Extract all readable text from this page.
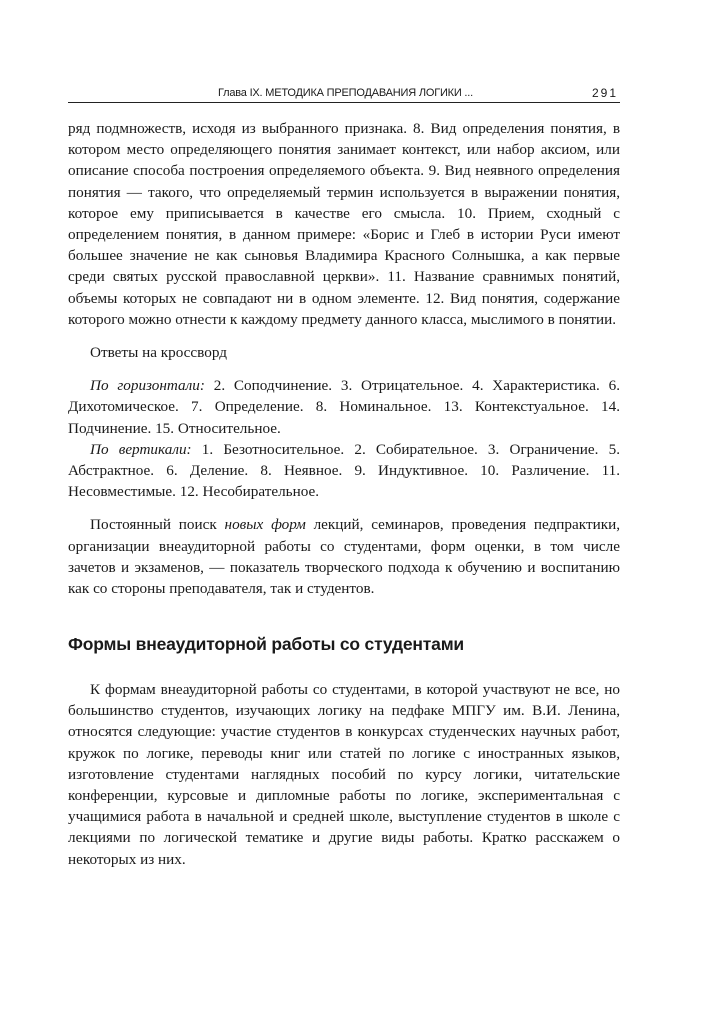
Глава IX. МЕТОДИКА ПРЕПОДАВАНИЯ ЛОГИКИ ...	291

ряд подмножеств, исходя из выбранного признака. 8. Вид определения понятия, в котором место определяющего понятия занимает контекст, или набор аксиом, или описание способа построения определяемого объекта. 9. Вид неявного определения понятия — такого, что определяемый термин используется в выражении понятия, которое ему приписывается в качестве его смысла. 10. Прием, сходный с определением понятия, в данном примере: «Борис и Глеб в истории Руси имеют большее значение не как сыновья Владимира Красного Солнышка, а как первые среди святых русской православной церкви». 11. Название сравнимых понятий, объемы которых не совпадают ни в одном элементе. 12. Вид понятия, содержание которого можно отнести к каждому предмету данного класса, мыслимого в понятии.

Ответы на кроссворд

По горизонтали: 2. Соподчинение. 3. Отрицательное. 4. Характеристика. 6. Дихотомическое. 7. Определение. 8. Номинальное. 13. Контекстуальное. 14. Подчинение. 15. Относительное.

По вертикали: 1. Безотносительное. 2. Собирательное. 3. Ограничение. 5. Абстрактное. 6. Деление. 8. Неявное. 9. Индуктивное. 10. Различение. 11. Несовместимые. 12. Несобирательное.

Постоянный поиск новых форм лекций, семинаров, проведения педпрактики, организации внеаудиторной работы со студентами, форм оценки, в том числе зачетов и экзаменов, — показатель творческого подхода к обучению и воспитанию как со стороны преподавателя, так и студентов.

Формы внеаудиторной работы со студентами

К формам внеаудиторной работы со студентами, в которой участвуют не все, но большинство студентов, изучающих логику на педфаке МПГУ им. В.И. Ленина, относятся следующие: участие студентов в конкурсах студенческих научных работ, кружок по логике, переводы книг или статей по логике с иностранных языков, изготовление студентами наглядных пособий по курсу логики, читательские конференции, курсовые и дипломные работы по логике, экспериментальная с учащимися работа в начальной и средней школе, выступление студентов в школе с лекциями по логической тематике и другие виды работы. Кратко расскажем о некоторых из них.
